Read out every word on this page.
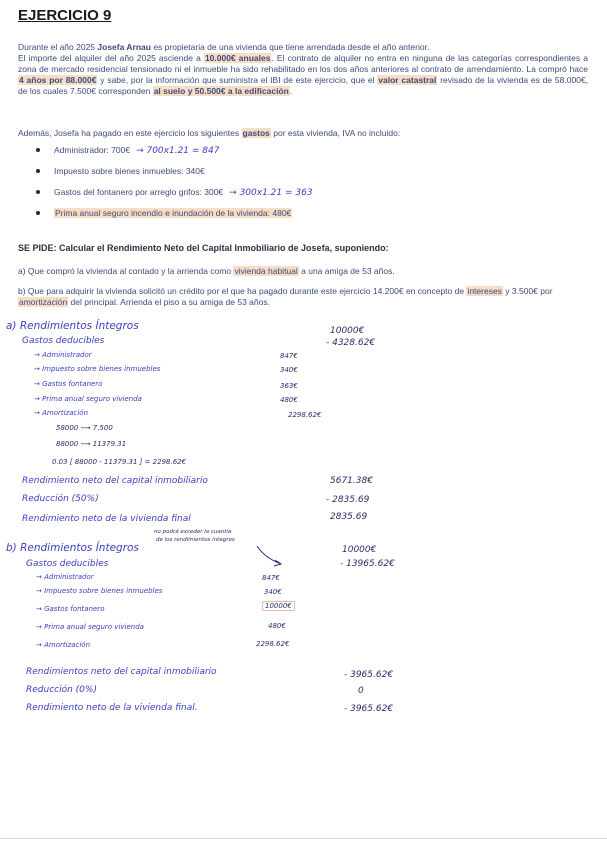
EJERCICIO 9
Durante el año 2025 Josefa Arnau es propietaria de una vivienda que tiene arrendada desde el año anterior.
El importe del alquiler del año 2025 asciende a 10.000€ anuales. El contrato de alquiler no entra en ninguna de las categorías correspondientes a zona de mercado residencial tensionado ni el inmueble ha sido rehabilitado en los dos años anteriores al contrato de arrendamiento. La compró hace 4 años por 88.000€ y sabe, por la información que suministra el IBI de este ejercicio, que el valor catastral revisado de la vivienda es de 58.000€, de los cuales 7.500€ corresponden al suelo y 50.500€ a la edificación.
Además, Josefa ha pagado en este ejercicio los siguientes gastos por esta vivienda, IVA no incluido:
Administrador: 700€ → 700x1.21 = 847
Impuesto sobre bienes inmuebles: 340€
Gastos del fontanero por arreglo grifos: 300€ → 300x1.21 = 363
Prima anual seguro incendio e inundación de la vivienda: 480€
SE PIDE: Calcular el Rendimiento Neto del Capital Inmobiliario de Josefa, suponiendo:
a) Que compró la vivienda al contado y la arrienda como vivienda habitual a una amiga de 53 años.
b) Que para adquirir la vivienda solicitó un crédito por el que ha pagado durante este ejercicio 14.200€ en concepto de intereses y 3.500€ por amortización del principal. Arrienda el piso a su amiga de 53 años.
a) Rendimientos Íntegros	10000€
Gastos deducibles	- 4328.62€
→ Administrador	847€
→ Impuesto sobre bienes inmuebles	340€
→ Gastos fontanero	363€
→ Prima anual seguro vivienda	480€
→ Amortización	2298.62€
58000 ⟶ 7.500
88000 ⟶ 11379.31
0.03 [ 88000 - 11379.31 ] = 2298.62€
Rendimiento neto del capital inmobiliario	5671.38€
Reducción (50%)	- 2835.69
Rendimiento neto de la vivienda final	2835.69
no podrá exceder la cuantía
de los rendimientos íntegros
b) Rendimientos Íntegros	10000€
Gastos deducibles	- 13965.62€
→ Administrador	847€
→ Impuesto sobre bienes inmuebles	340€
→ Gastos fontanero	10000€
→ Prima anual seguro vivienda	480€
→ Amortización	2298.62€
Rendimientos neto del capital inmobiliario	- 3965.62€
Reducción (0%)	0
Rendimiento neto de la vivienda final.	- 3965.62€
